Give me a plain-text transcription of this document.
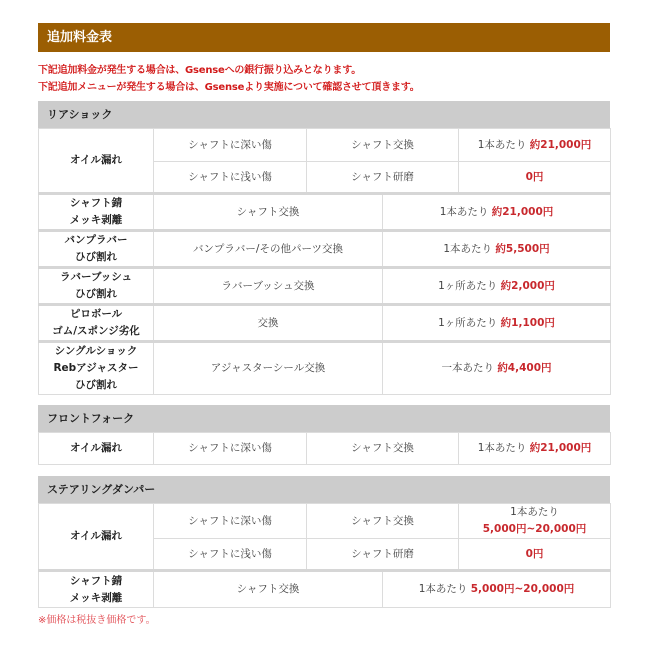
追加料金表
下記追加料金が発生する場合は、Gsenseへの銀行振り込みとなります。
下記追加メニューが発生する場合は、Gsenseより実施について確認させて頂きます。
リアショック
オイル漏れ	シャフトに深い傷	シャフト交換		1本あたり 約21,000円
	シャフトに浅い傷	シャフト研磨		0円
シャフト錆
メッキ剥離	シャフト交換		1本あたり 約21,000円	
バンプラバー
ひび割れ	バンプラバー/その他パーツ交換		1本あたり 約5,500円	
ラバーブッシュ
ひび割れ	ラバーブッシュ交換		1ヶ所あたり 約2,000円	
ピロボール
ゴム/スポンジ劣化	交換		1ヶ所あたり 約1,100円	
シングルショック
Rebアジャスター
ひび割れ	アジャスターシール交換		一本あたり 約4,400円	
フロントフォーク
オイル漏れ	シャフトに深い傷	シャフト交換	1本あたり 約21,000円
ステアリングダンパー
オイル漏れ	シャフトに深い傷	シャフト交換		1本あたり
5,000円~20,000円
	シャフトに浅い傷	シャフト研磨		0円
シャフト錆
メッキ剥離	シャフト交換		1本あたり 5,000円~20,000円	
※価格は税抜き価格です。
